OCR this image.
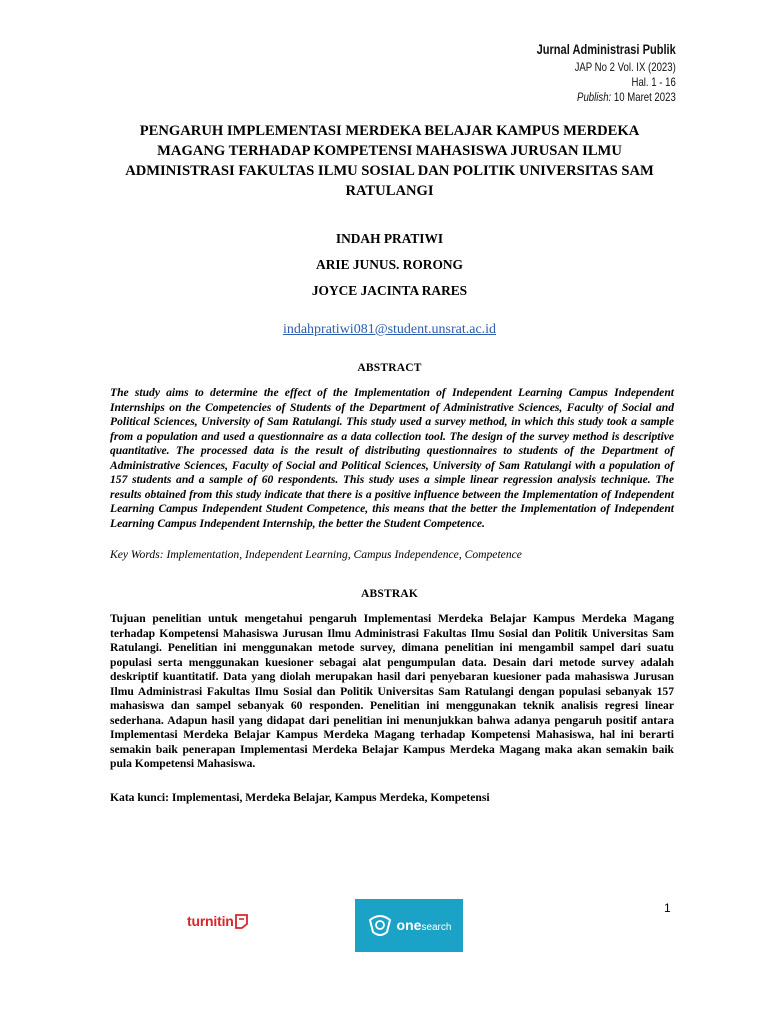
Jurnal Administrasi Publik
JAP No 2 Vol. IX (2023)
Hal. 1 - 16
Publish: 10 Maret 2023
PENGARUH IMPLEMENTASI MERDEKA BELAJAR KAMPUS MERDEKA MAGANG TERHADAP KOMPETENSI MAHASISWA JURUSAN ILMU ADMINISTRASI FAKULTAS ILMU SOSIAL DAN POLITIK UNIVERSITAS SAM RATULANGI
INDAH PRATIWI
ARIE JUNUS. RORONG
JOYCE JACINTA RARES
indahpratiwi081@student.unsrat.ac.id
ABSTRACT

The study aims to determine the effect of the Implementation of Independent Learning Campus Independent Internships on the Competencies of Students of the Department of Administrative Sciences, Faculty of Social and Political Sciences, University of Sam Ratulangi. This study used a survey method, in which this study took a sample from a population and used a questionnaire as a data collection tool. The design of the survey method is descriptive quantitative. The processed data is the result of distributing questionnaires to students of the Department of Administrative Sciences, Faculty of Social and Political Sciences, University of Sam Ratulangi with a population of 157 students and a sample of 60 respondents. This study uses a simple linear regression analysis technique. The results obtained from this study indicate that there is a positive influence between the Implementation of Independent Learning Campus Independent Student Competence, this means that the better the Implementation of Independent Learning Campus Independent Internship, the better the Student Competence.

Key Words: Implementation, Independent Learning, Campus Independence, Competence

ABSTRAK

Tujuan penelitian untuk mengetahui pengaruh Implementasi Merdeka Belajar Kampus Merdeka Magang terhadap Kompetensi Mahasiswa Jurusan Ilmu Administrasi Fakultas Ilmu Sosial dan Politik Universitas Sam Ratulangi. Penelitian ini menggunakan metode survey, dimana penelitian ini mengambil sampel dari suatu populasi serta menggunakan kuesioner sebagai alat pengumpulan data. Desain dari metode survey adalah deskriptif kuantitatif. Data yang diolah merupakan hasil dari penyebaran kuesioner pada mahasiswa Jurusan Ilmu Administrasi Fakultas Ilmu Sosial dan Politik Universitas Sam Ratulangi dengan populasi sebanyak 157 mahasiswa dan sampel sebanyak 60 responden. Penelitian ini menggunakan teknik analisis regresi linear sederhana. Adapun hasil yang didapat dari penelitian ini menunjukkan bahwa adanya pengaruh positif antara Implementasi Merdeka Belajar Kampus Merdeka Magang terhadap Kompetensi Mahasiswa, hal ini berarti semakin baik penerapan Implementasi Merdeka Belajar Kampus Merdeka Magang maka akan semakin baik pula Kompetensi Mahasiswa.

Kata kunci: Implementasi, Merdeka Belajar, Kampus Merdeka, Kompetensi

1
turnitin	onesearch
